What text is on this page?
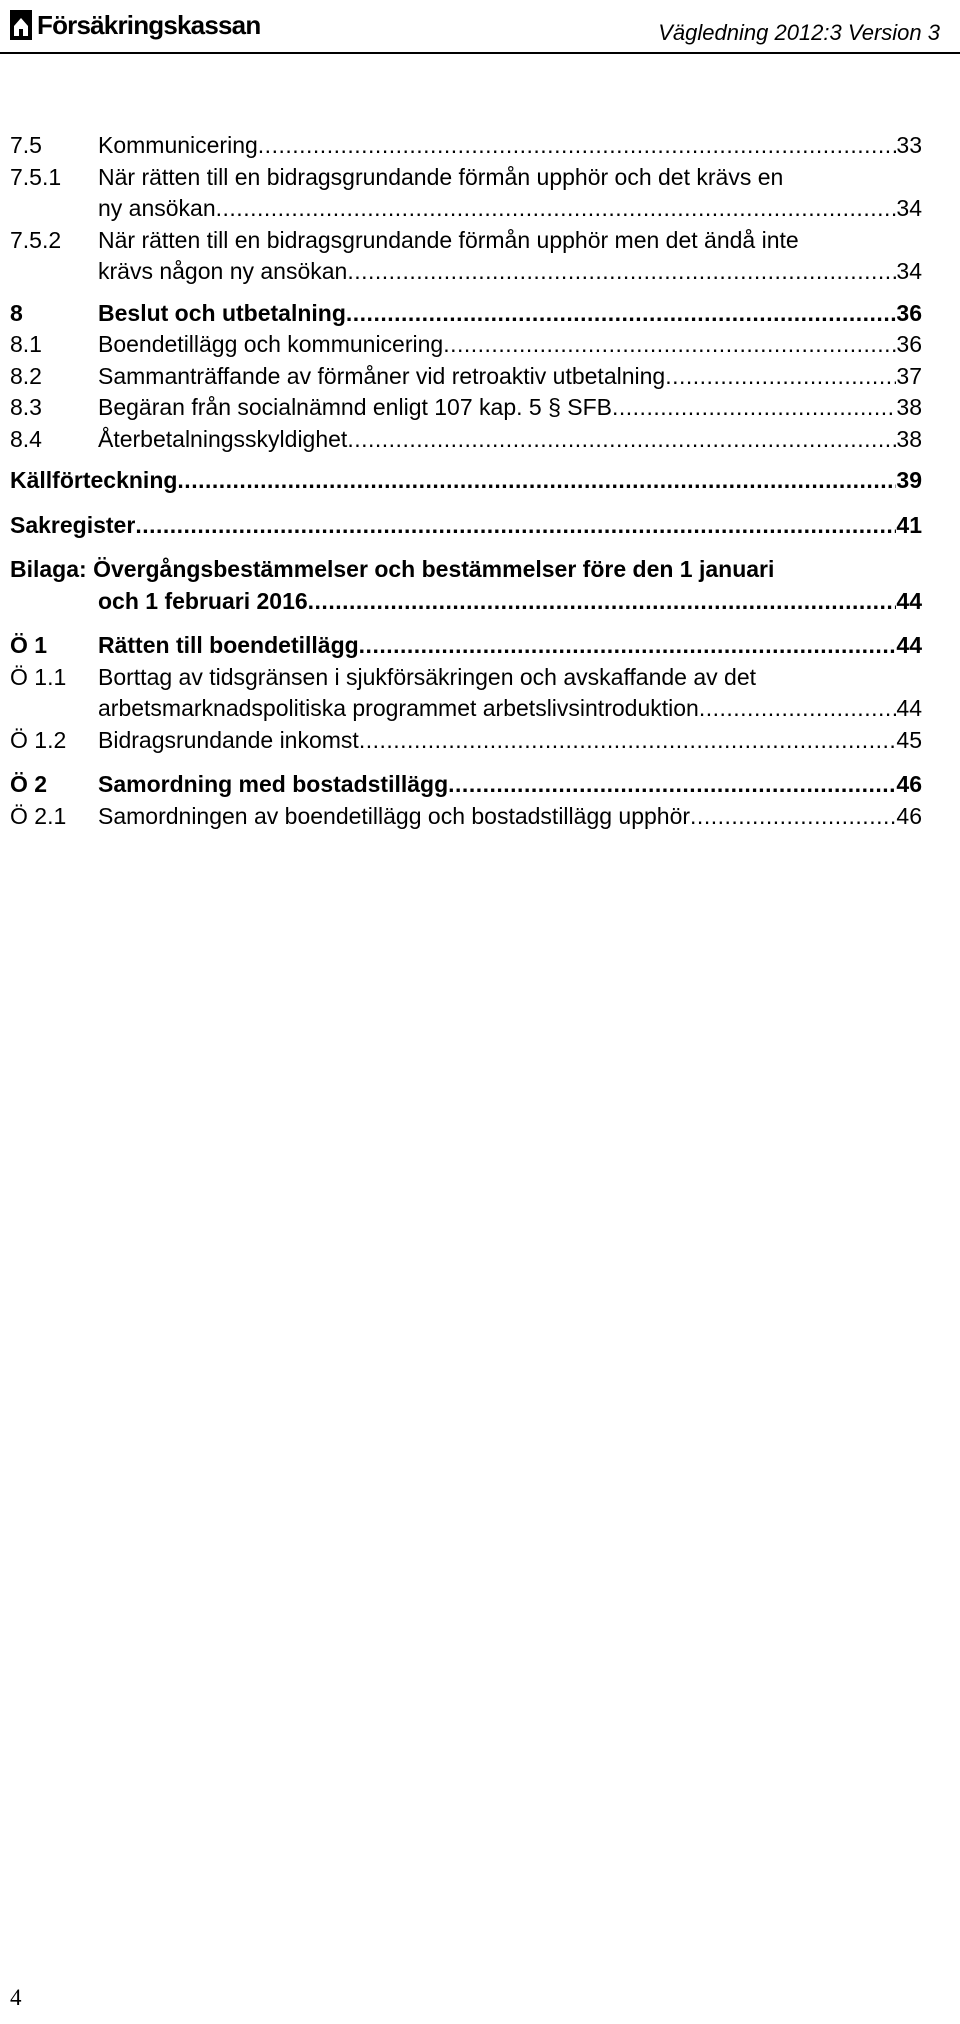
Försäkringskassan	Vägledning 2012:3 Version 3
7.5	Kommunicering .....	33
7.5.1	När rätten till en bidragsgrundande förmån upphör och det krävs en
ny ansökan .....	34
7.5.2	När rätten till en bidragsgrundande förmån upphör men det ändå inte
krävs någon ny ansökan .....	34
8	Beslut och utbetalning .....	36
8.1	Boendetillägg och kommunicering .....	36
8.2	Sammanträffande av förmåner vid retroaktiv utbetalning .....	37
8.3	Begäran från socialnämnd enligt 107 kap. 5 § SFB .....	38
8.4	Återbetalningsskyldighet .....	38
Källförteckning .....	39
Sakregister .....	41
Bilaga: Övergångsbestämmelser och bestämmelser före den 1 januari
och 1 februari 2016 .....	44
Ö 1	Rätten till boendetillägg .....	44
Ö 1.1	Borttag av tidsgränsen i sjukförsäkringen och avskaffande av det
arbetsmarknadspolitiska programmet arbetslivsintroduktion .....	44
Ö 1.2	Bidragsrundande inkomst .....	45
Ö 2	Samordning med bostadstillägg .....	46
Ö 2.1	Samordningen av boendetillägg och bostadstillägg upphör .....	46
4
